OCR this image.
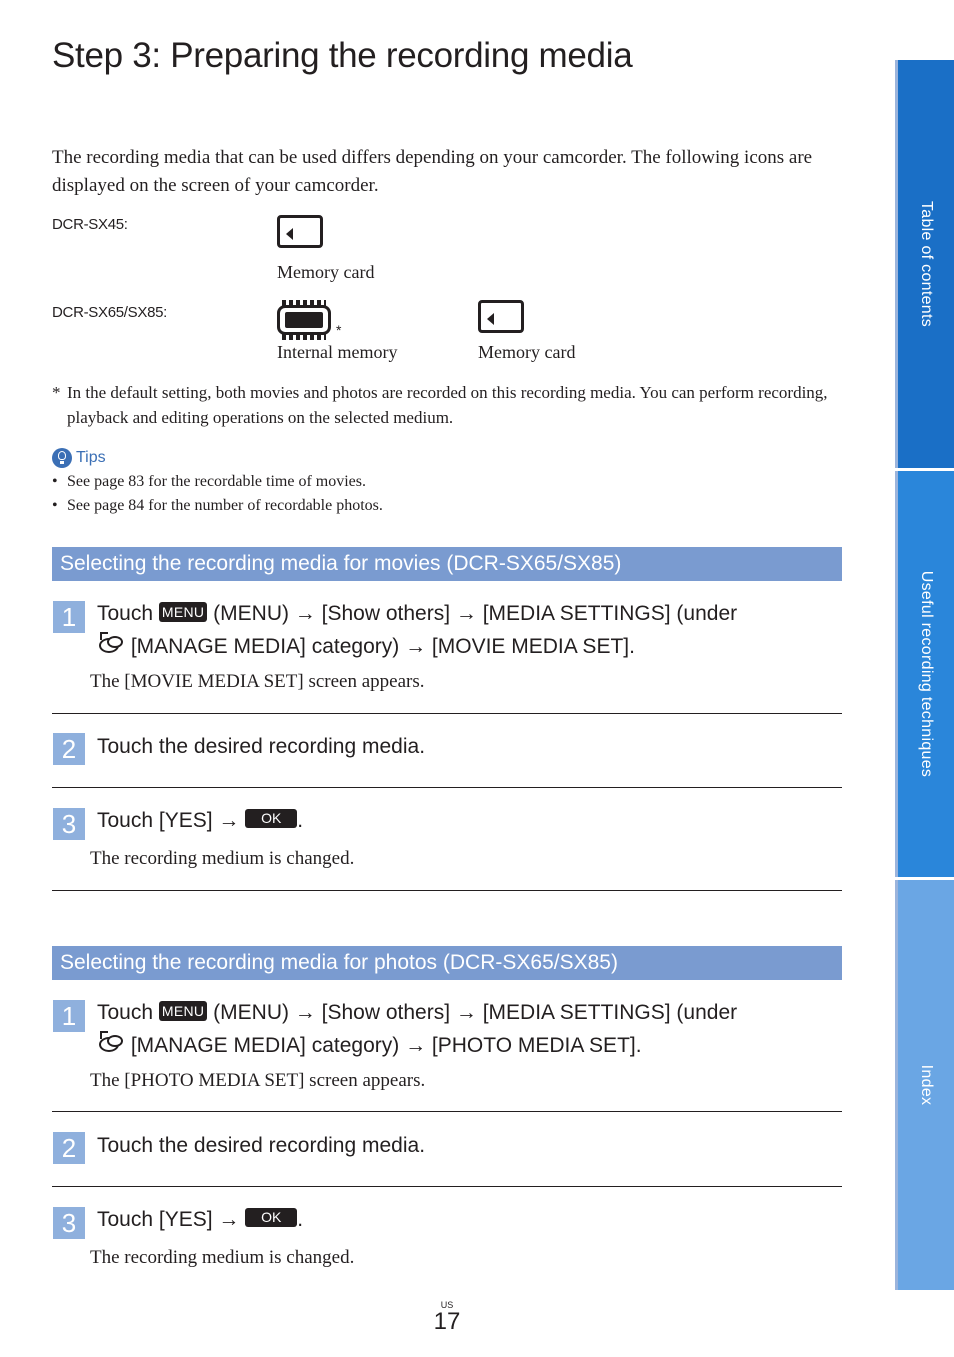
Step 3: Preparing the recording media
The recording media that can be used differs depending on your camcorder. The following icons are displayed on the screen of your camcorder.
DCR-SX45:
Memory card
DCR-SX65/SX85:
*
Internal memory	Memory card
* In the default setting, both movies and photos are recorded on this recording media. You can perform recording, playback and editing operations on the selected medium.
Tips
• See page 83 for the recordable time of movies.
• See page 84 for the number of recordable photos.
Selecting the recording media for movies (DCR-SX65/SX85)
1 Touch MENU (MENU) → [Show others] → [MEDIA SETTINGS] (under
[MANAGE MEDIA] category) → [MOVIE MEDIA SET].
The [MOVIE MEDIA SET] screen appears.
2 Touch the desired recording media.
3 Touch [YES] → OK .
The recording medium is changed.
Selecting the recording media for photos (DCR-SX65/SX85)
1 Touch MENU (MENU) → [Show others] → [MEDIA SETTINGS] (under
[MANAGE MEDIA] category) → [PHOTO MEDIA SET].
The [PHOTO MEDIA SET] screen appears.
2 Touch the desired recording media.
3 Touch [YES] → OK .
The recording medium is changed.
Table of contents
Useful recording techniques
Index
US
17
